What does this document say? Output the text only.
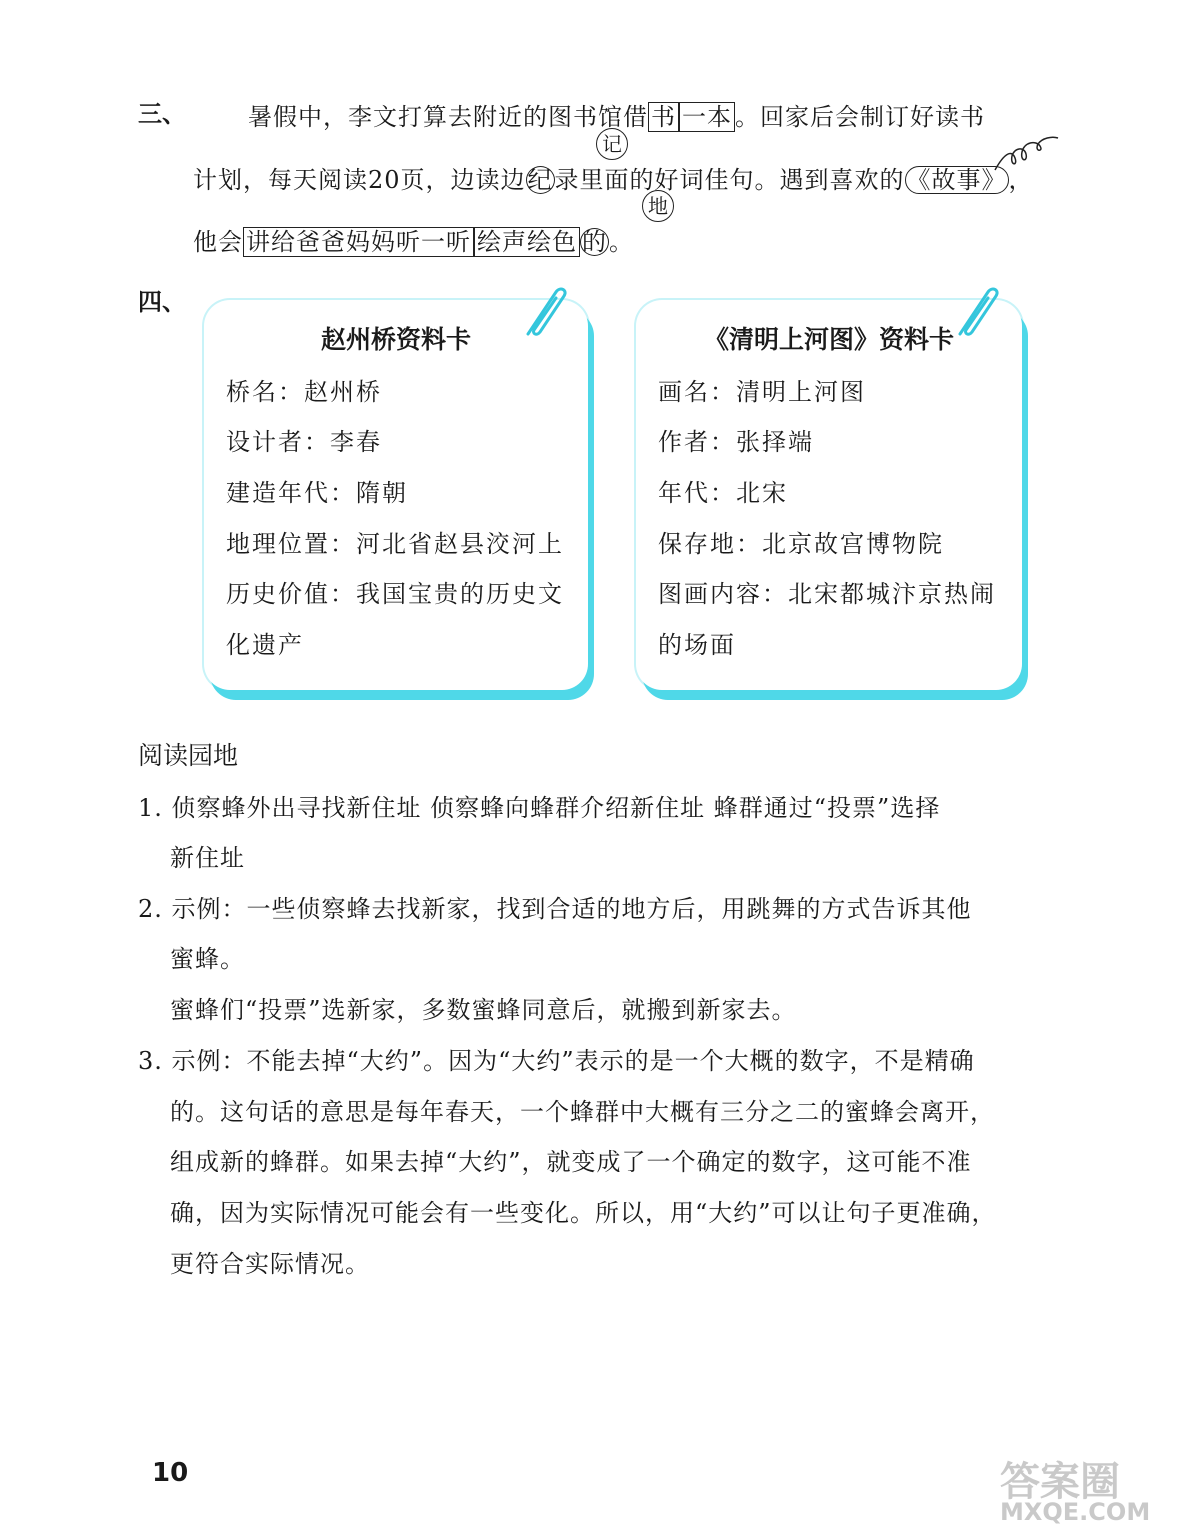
三、	暑假中，李文打算去附近的图书馆借 书 一本 。回家后会制订好读书
记
计划，每天阅读20页，边读边纪录里面的好词佳句。遇到喜欢的《故事》，
地
他会 讲给爸爸妈妈听一听 绘声绘色 的。
四、
赵州桥资料卡
桥名：赵州桥
设计者：李春
建造年代：隋朝
地理位置：河北省赵县洨河上
历史价值：我国宝贵的历史文
化遗产
《清明上河图》资料卡
画名：清明上河图
作者：张择端
年代：北宋
保存地：北京故宫博物院
图画内容：北宋都城汴京热闹
的场面
阅读园地
1. 侦察蜂外出寻找新住址 侦察蜂向蜂群介绍新住址 蜂群通过“投票”选择
新住址
2. 示例：一些侦察蜂去找新家，找到合适的地方后，用跳舞的方式告诉其他
蜜蜂。
蜜蜂们“投票”选新家，多数蜜蜂同意后，就搬到新家去。
3. 示例：不能去掉“大约”。因为“大约”表示的是一个大概的数字，不是精确
的。这句话的意思是每年春天，一个蜂群中大概有三分之二的蜜蜂会离开，
组成新的蜂群。如果去掉“大约”，就变成了一个确定的数字，这可能不准
确，因为实际情况可能会有一些变化。所以，用“大约”可以让句子更准确，
更符合实际情况。
10	答案圈
MXQE.COM
